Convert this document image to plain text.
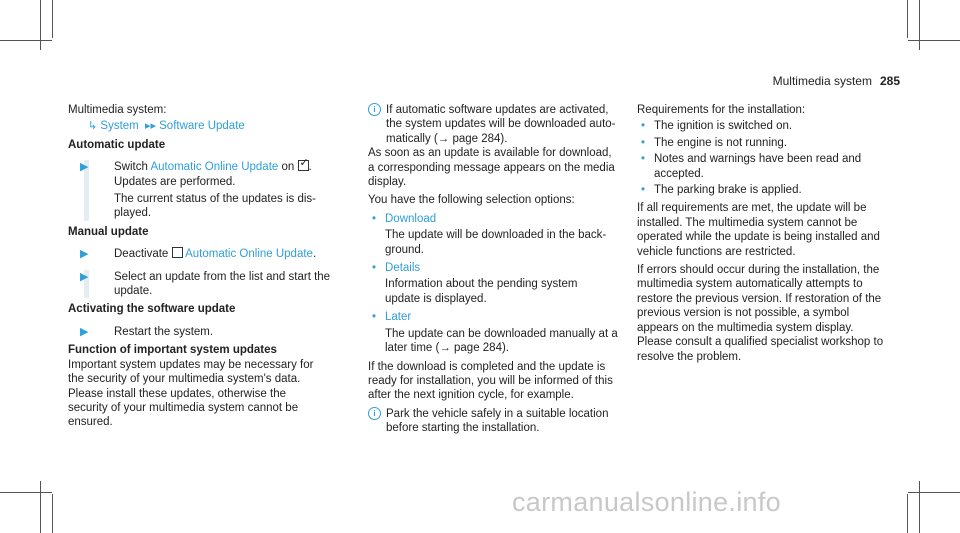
Multimedia system 285

Multimedia system:

↳ System  ▸▸ Software Update

Automatic update

▶ Switch Automatic Online Update on ✓ .

Updates are performed.

The current status of the updates is dis-

played.

Manual update

▶ Deactivate  Automatic Online Update.

▶ Select an update from the list and start the

update.

Activating the software update

▶ Restart the system.

Function of important system updates

Important system updates may be necessary for

the security of your multimedia system's data.

Please install these updates, otherwise the

security of your multimedia system cannot be

ensured.

i If automatic software updates are activated,

the system updates will be downloaded auto-

matically (→ page 284).

As soon as an update is available for download,

a corresponding message appears on the media

display.

You have the following selection options:

• Download

The update will be downloaded in the back-

ground.

• Details

Information about the pending system

update is displayed.

• Later

The update can be downloaded manually at a

later time (→ page 284).

If the download is completed and the update is

ready for installation, you will be informed of this

after the next ignition cycle, for example.

i Park the vehicle safely in a suitable location

before starting the installation.

Requirements for the installation:

• The ignition is switched on.

• The engine is not running.

• Notes and warnings have been read and

accepted.

• The parking brake is applied.

If all requirements are met, the update will be

installed. The multimedia system cannot be

operated while the update is being installed and

vehicle functions are restricted.

If errors should occur during the installation, the

multimedia system automatically attempts to

restore the previous version. If restoration of the

previous version is not possible, a symbol

appears on the multimedia system display.

Please consult a qualified specialist workshop to

resolve the problem.

carmanualsonline.info
